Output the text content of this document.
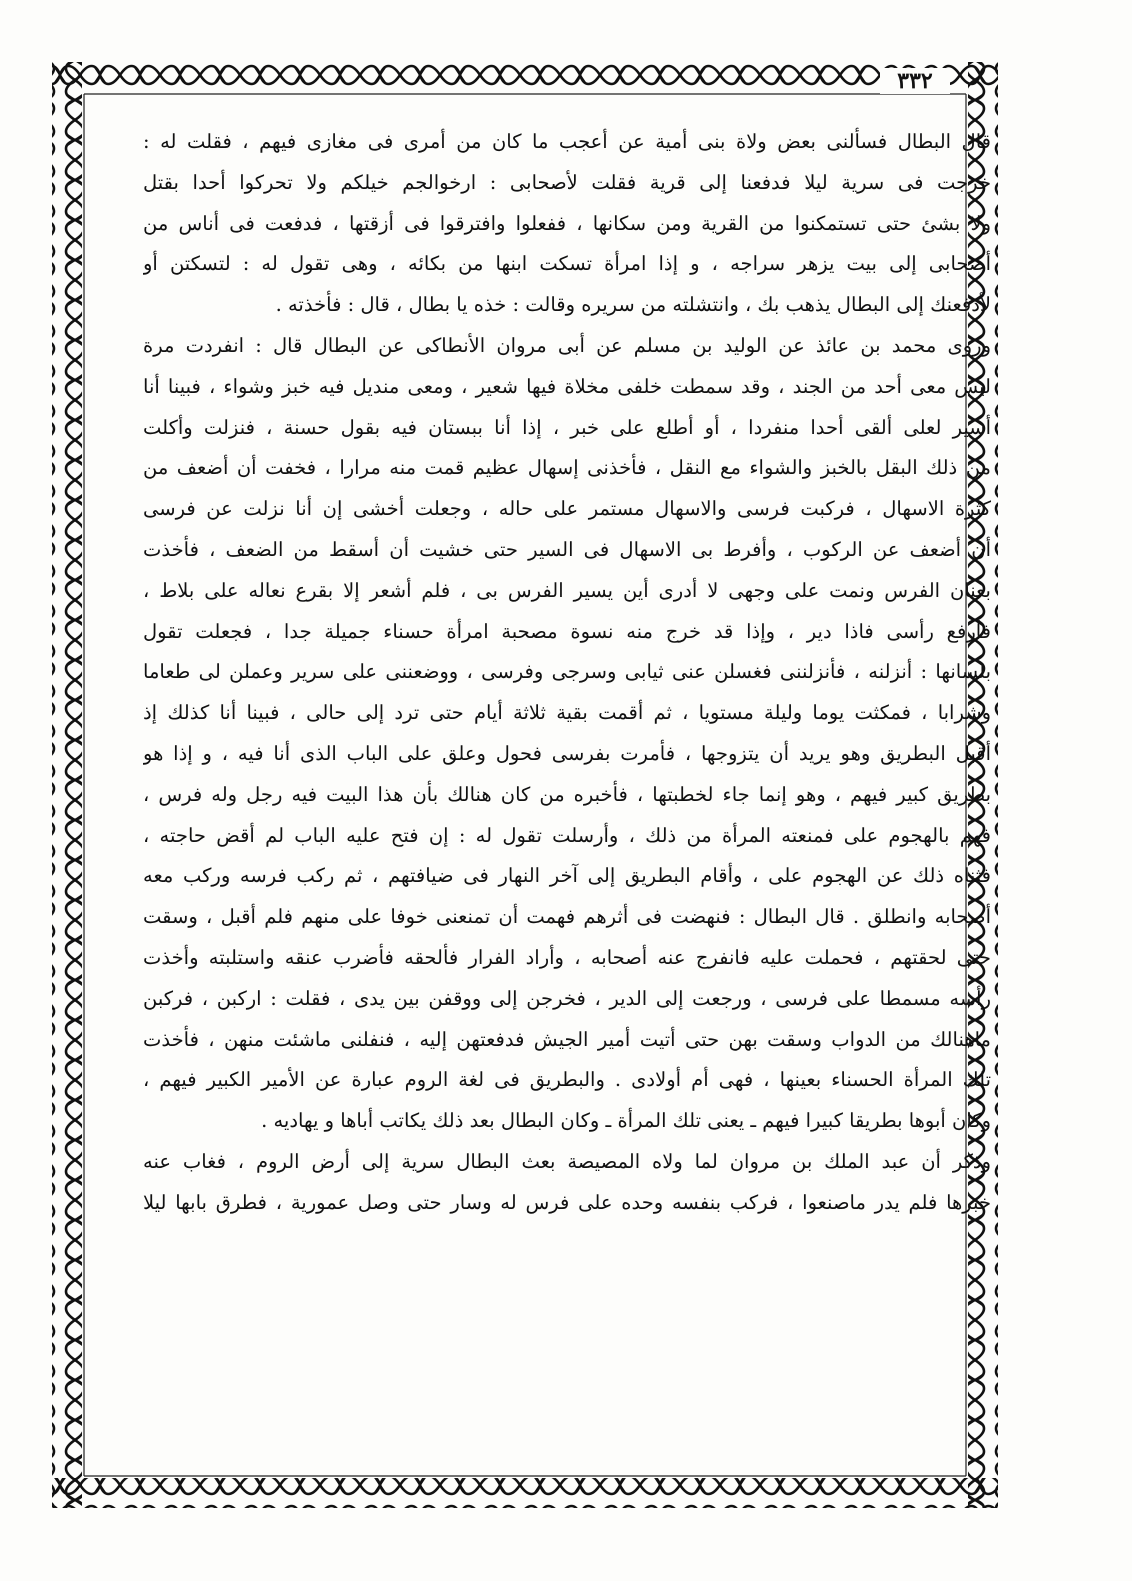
٣٣٢
قال البطال فسألنى بعض ولاة بنى أمية عن أعجب ما كان من أمرى فى مغازى فيهم ، فقلت له :
خرجت فى سرية ليلا فدفعنا إلى قرية فقلت لأصحابى : ارخوالجم خيلكم ولا تحركوا أحدا بقتل
ولا بشئ حتى تستمكنوا من القرية ومن سكانها ، ففعلوا وافترقوا فى أزقتها ، فدفعت فى أناس من
أصحابى إلى بيت يزهر سراجه ، و إذا امرأة تسكت ابنها من بكائه ، وهى تقول له : لتسكتن أو
لأدفعنك إلى البطال يذهب بك ، وانتشلته من سريره وقالت : خذه يا بطال ، قال : فأخذته .
وروى محمد بن عائذ عن الوليد بن مسلم عن أبى مروان الأنطاكى عن البطال قال : انفردت مرة
ليس معى أحد من الجند ، وقد سمطت خلفى مخلاة فيها شعير ، ومعى منديل فيه خبز وشواء ، فبينا أنا
أسير لعلى ألقى أحدا منفردا ، أو أطلع على خبر ، إذا أنا ببستان فيه بقول حسنة ، فنزلت وأكلت
من ذلك البقل بالخبز والشواء مع النقل ، فأخذنى إسهال عظيم قمت منه مرارا ، فخفت أن أضعف من
كثرة الاسهال ، فركبت فرسى والاسهال مستمر على حاله ، وجعلت أخشى إن أنا نزلت عن فرسى
أن أضعف عن الركوب ، وأفرط بى الاسهال فى السير حتى خشيت أن أسقط من الضعف ، فأخذت
بعنان الفرس ونمت على وجهى لا أدرى أين يسير الفرس بى ، فلم أشعر إلا بقرع نعاله على بلاط ،
فأرفع رأسى فاذا دير ، وإذا قد خرج منه نسوة مصحبة امرأة حسناء جميلة جدا ، فجعلت تقول
بلسانها : أنزلنه ، فأنزلننى فغسلن عنى ثيابى وسرجى وفرسى ، ووضعننى على سرير وعملن لى طعاما
وشرابا ، فمكثت يوما وليلة مستويا ، ثم أقمت بقية ثلاثة أيام حتى ترد إلى حالى ، فبينا أنا كذلك إذ
أقبل البطريق وهو يريد أن يتزوجها ، فأمرت بفرسى فحول وعلق على الباب الذى أنا فيه ، و إذا هو
بطريق كبير فيهم ، وهو إنما جاء لخطبتها ، فأخبره من كان هنالك بأن هذا البيت فيه رجل وله فرس ،
فهم بالهجوم على فمنعته المرأة من ذلك ، وأرسلت تقول له : إن فتح عليه الباب لم أقض حاجته ،
فثناه ذلك عن الهجوم على ، وأقام البطريق إلى آخر النهار فى ضيافتهم ، ثم ركب فرسه وركب معه
أصحابه وانطلق . قال البطال : فنهضت فى أثرهم فهمت أن تمنعنى خوفا على منهم فلم أقبل ، وسقت
حتى لحقتهم ، فحملت عليه فانفرج عنه أصحابه ، وأراد الفرار فألحقه فأضرب عنقه واستلبته وأخذت
رأسه مسمطا على فرسى ، ورجعت إلى الدير ، فخرجن إلى ووقفن بين يدى ، فقلت : اركبن ، فركبن
ماهنالك من الدواب وسقت بهن حتى أتيت أمير الجيش فدفعتهن إليه ، فنفلنى ماشئت منهن ، فأخذت
تلك المرأة الحسناء بعينها ، فهى أم أولادى . والبطريق فى لغة الروم عبارة عن الأمير الكبير فيهم ،
وكان أبوها بطريقا كبيرا فيهم ـ يعنى تلك المرأة ـ وكان البطال بعد ذلك يكاتب أباها و يهاديه .
وذكر أن عبد الملك بن مروان لما ولاه المصيصة بعث البطال سرية إلى أرض الروم ، فغاب عنه
خبرها فلم يدر ماصنعوا ، فركب بنفسه وحده على فرس له وسار حتى وصل عمورية ، فطرق بابها ليلا
